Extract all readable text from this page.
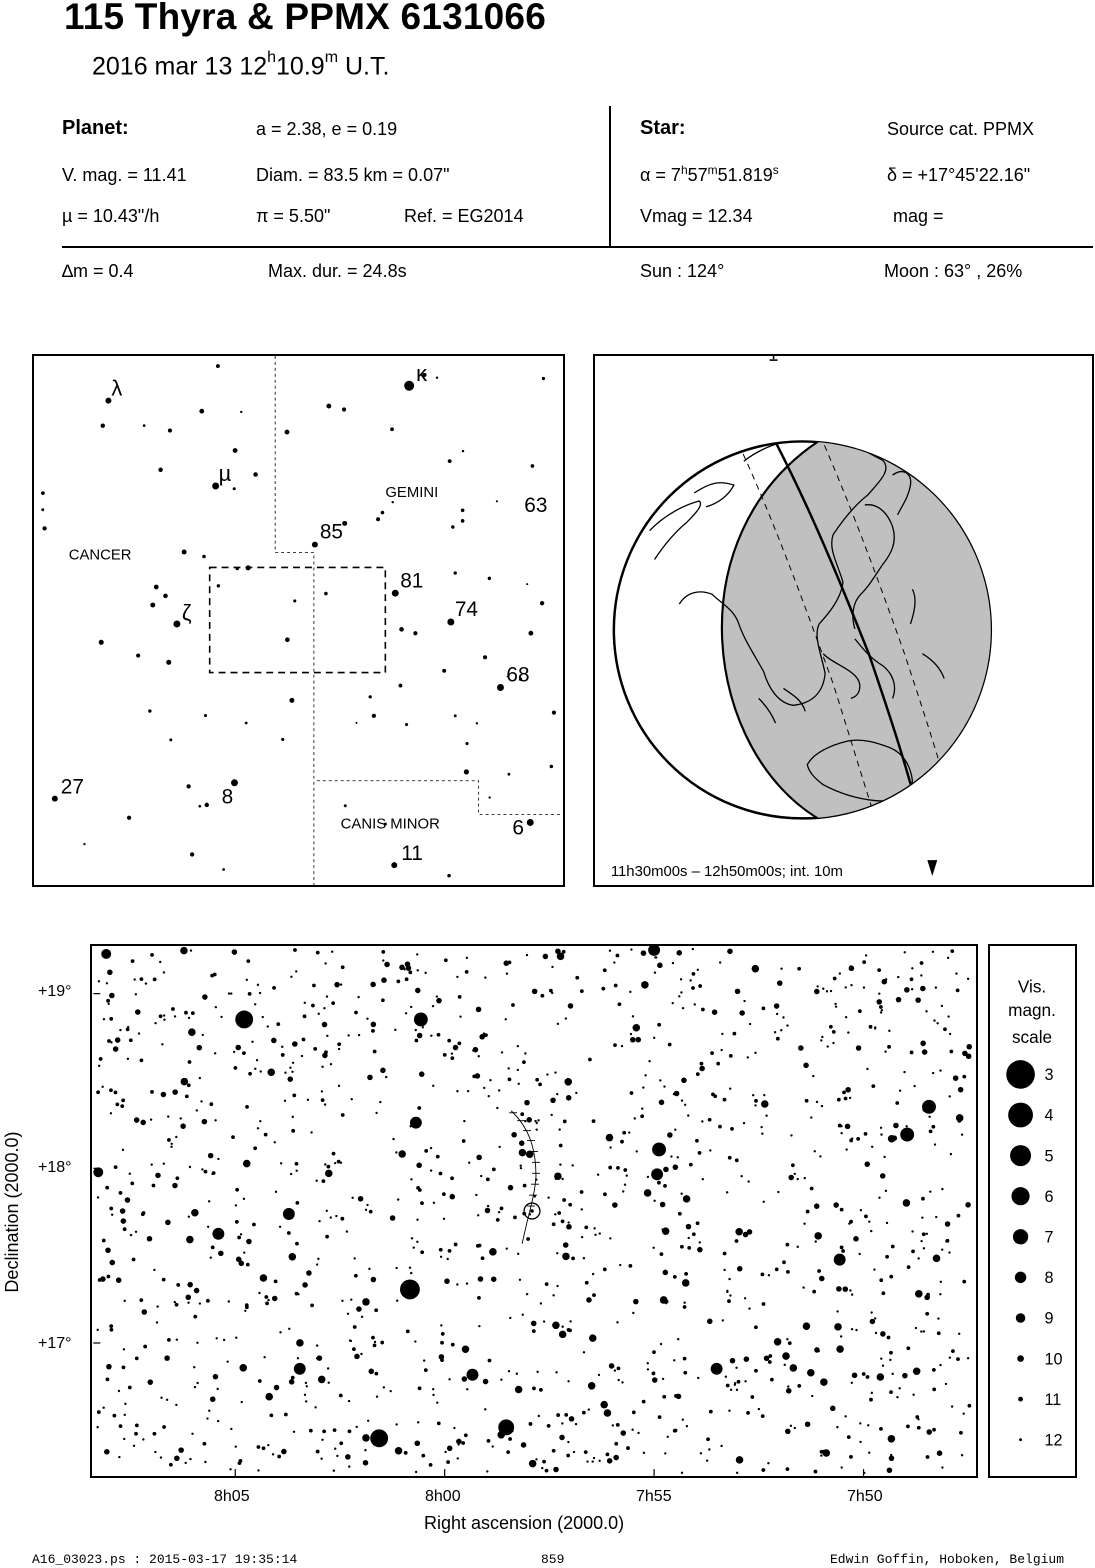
115 Thyra & PPMX 6131066
2016 mar 13 12$^h$10.9$^m$ U.T.
Planet:	a = 2.38, e = 0.19
V. mag. = 11.41	Diam. = 83.5 km = 0.07"
µ = 10.43"/h	π = 5.50"	Ref. = EG2014
Star:	Source cat. PPMX
$\alpha = 7^h57^m51.819^s$	δ = +17°45'22.16"
Vmag = 12.34	mag =
∆m = 0.4	Max. dur. = 24.8s	Sun : 124°	Moon : 63° , 26%
CANCER
GEMINI
CANIS MINOR
λ
κ
µ
ζ
63
85
81
74
68
27	8
6
11
11h30m00s – 12h50m00s; int. 10m
+19°
+18°
+17°
8h05	8h00	7h55	7h50
Right ascension (2000.0)
Declination (2000.0)
Vis.
magn.
scale
3
4
5
6
7
8
9
10
11
12
A16_03023.ps : 2015-03-17 19:35:14	859	Edwin Goffin, Hoboken, Belgium
